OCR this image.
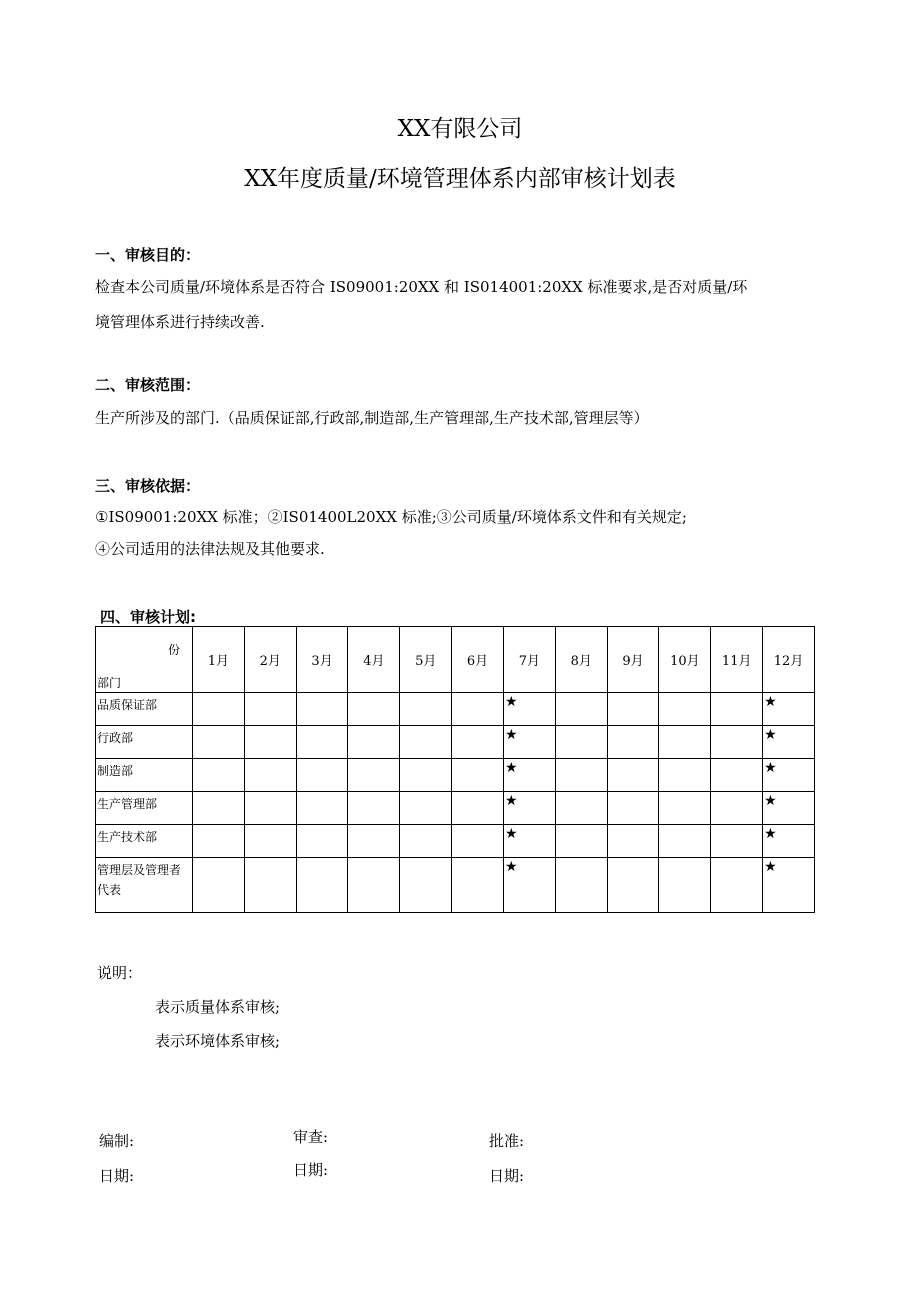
XX有限公司
XX年度质量/环境管理体系内部审核计划表
一、审核目的：
检查本公司质量/环境体系是否符合 IS09001:20XX 和 IS014001:20XX 标准要求,是否对质量/环
境管理体系进行持续改善.
二、审核范围：
生产所涉及的部门.（品质保证部,行政部,制造部,生产管理部,生产技术部,管理层等）
三、审核依据：
①IS09001:20XX 标准；②IS01400L20XX 标准;③公司质量/环境体系文件和有关规定;
④公司适用的法律法规及其他要求.
四、审核计划:
份
部门	1月	2月	3月	4月	5月	6月	7月	8月	9月	10月	11月	12月

品质保证部							★					★

行政部							★					★

制造部							★					★

生产管理部							★					★

生产技术部							★					★

管理层及管理者代表							★					★
说明：
表示质量体系审核;
表示环境体系审核;
编制:	审查:	批准:
日期:	日期:	日期:
